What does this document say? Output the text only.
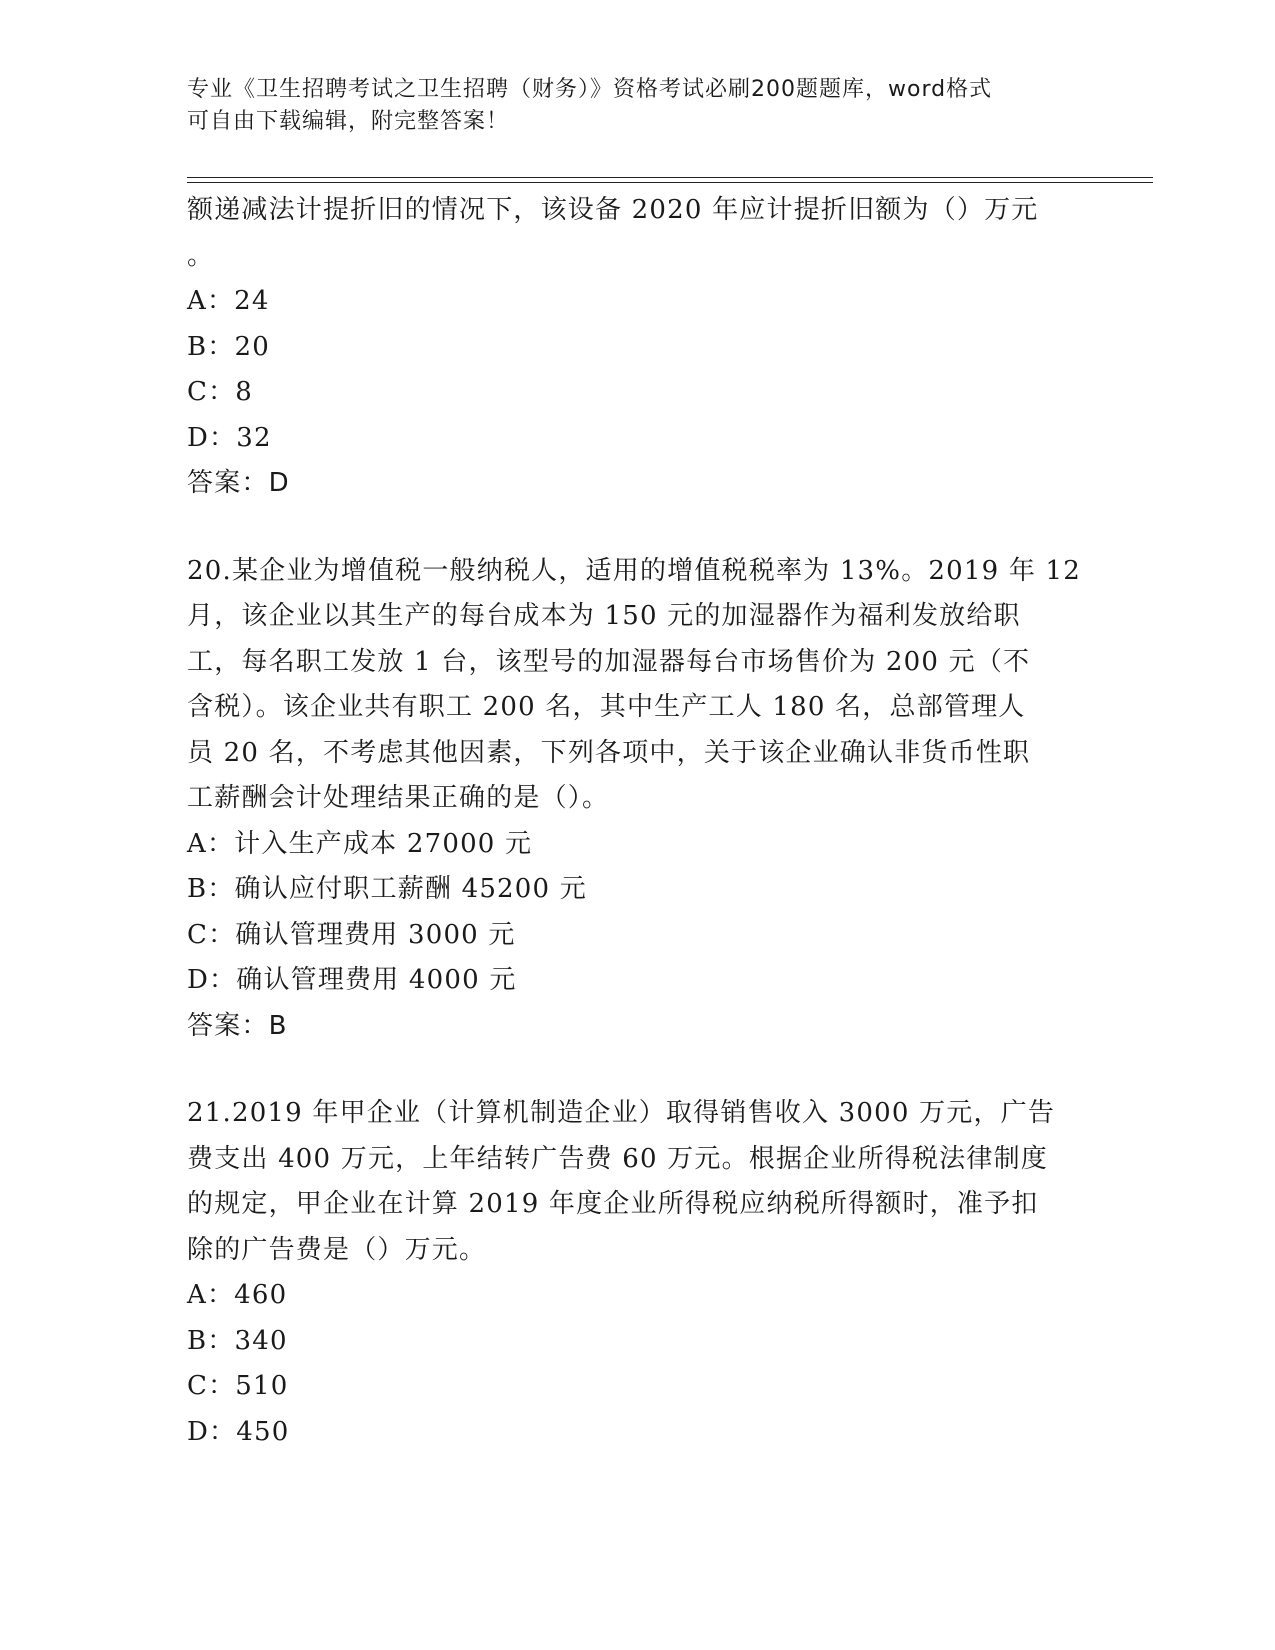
专业《卫生招聘考试之卫生招聘（财务）》资格考试必刷200题题库，word格式
可自由下载编辑，附完整答案！
额递减法计提折旧的情况下，该设备 2020 年应计提折旧额为（）万元
。
A：24
B：20
C：8
D：32
答案：D
20.某企业为增值税一般纳税人，适用的增值税税率为 13%。2019 年 12
月，该企业以其生产的每台成本为 150 元的加湿器作为福利发放给职
工，每名职工发放 1 台，该型号的加湿器每台市场售价为 200 元（不
含税）。该企业共有职工 200 名，其中生产工人 180 名，总部管理人
员 20 名，不考虑其他因素，下列各项中，关于该企业确认非货币性职
工薪酬会计处理结果正确的是（）。
A：计入生产成本 27000 元
B：确认应付职工薪酬 45200 元
C：确认管理费用 3000 元
D：确认管理费用 4000 元
答案：B
21.2019 年甲企业（计算机制造企业）取得销售收入 3000 万元，广告
费支出 400 万元，上年结转广告费 60 万元。根据企业所得税法律制度
的规定，甲企业在计算 2019 年度企业所得税应纳税所得额时，准予扣
除的广告费是（）万元。
A：460
B：340
C：510
D：450
